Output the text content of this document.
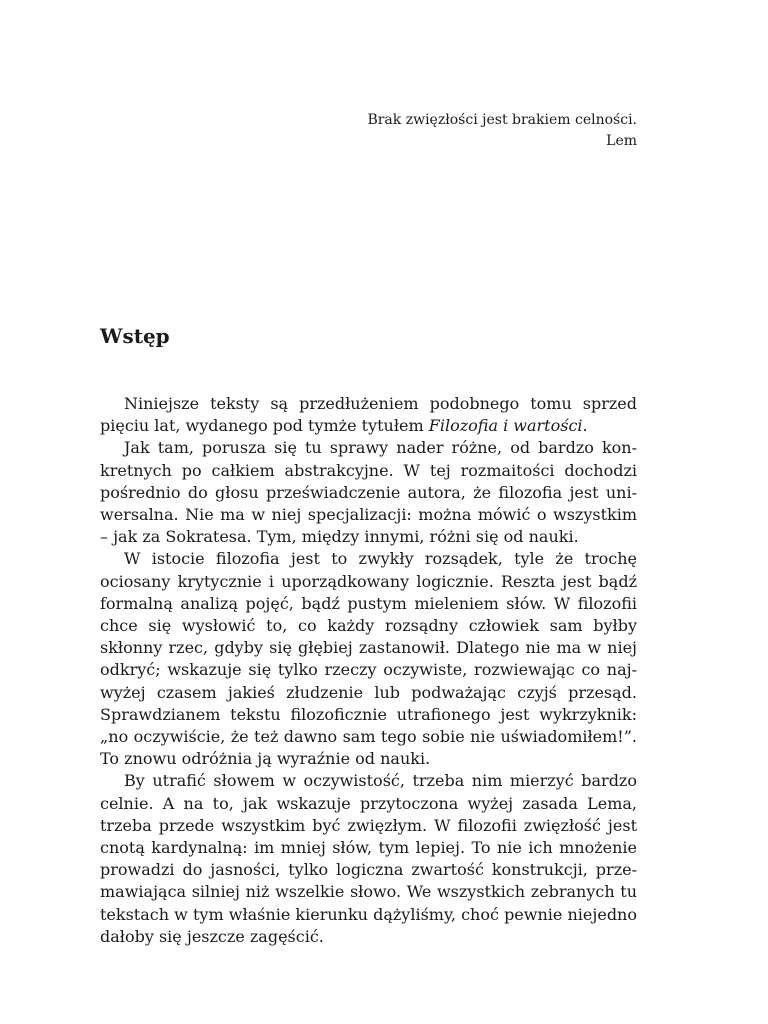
Brak zwięzłości jest brakiem celności.
Lem
Wstęp

Niniejsze teksty są przedłużeniem podobnego tomu sprzed pięciu lat, wydanego pod tymże tytułem Filozofia i wartości.

Jak tam, porusza się tu sprawy nader różne, od bardzo konkretnych po całkiem abstrakcyjne. W tej rozmaitości dochodzi pośrednio do głosu przeświadczenie autora, że filozofia jest uniwersalna. Nie ma w niej specjalizacji: można mówić o wszystkim – jak za Sokratesa. Tym, między innymi, różni się od nauki.

W istocie filozofia jest to zwykły rozsądek, tyle że trochę ociosany krytycznie i uporządkowany logicznie. Reszta jest bądź formalną analizą pojęć, bądź pustym mieleniem słów. W filozofii chce się wysłowić to, co każdy rozsądny człowiek sam byłby skłonny rzec, gdyby się głębiej zastanowił. Dlatego nie ma w niej odkryć; wskazuje się tylko rzeczy oczywiste, rozwiewając co najwyżej czasem jakieś złudzenie lub podważając czyjś przesąd. Sprawdzianem tekstu filozoficznie utrafionego jest wykrzyknik: „no oczywiście, że też dawno sam tego sobie nie uświadomiłem!”. To znowu odróżnia ją wyraźnie od nauki.

By utrafić słowem w oczywistość, trzeba nim mierzyć bardzo celnie. A na to, jak wskazuje przytoczona wyżej zasada Lema, trzeba przede wszystkim być zwięzłym. W filozofii zwięzłość jest cnotą kardynalną: im mniej słów, tym lepiej. To nie ich mnożenie prowadzi do jasności, tylko logiczna zwartość konstrukcji, przemawiająca silniej niż wszelkie słowo. We wszystkich zebranych tu tekstach w tym właśnie kierunku dążyliśmy, choć pewnie niejedno dałoby się jeszcze zagęścić.
